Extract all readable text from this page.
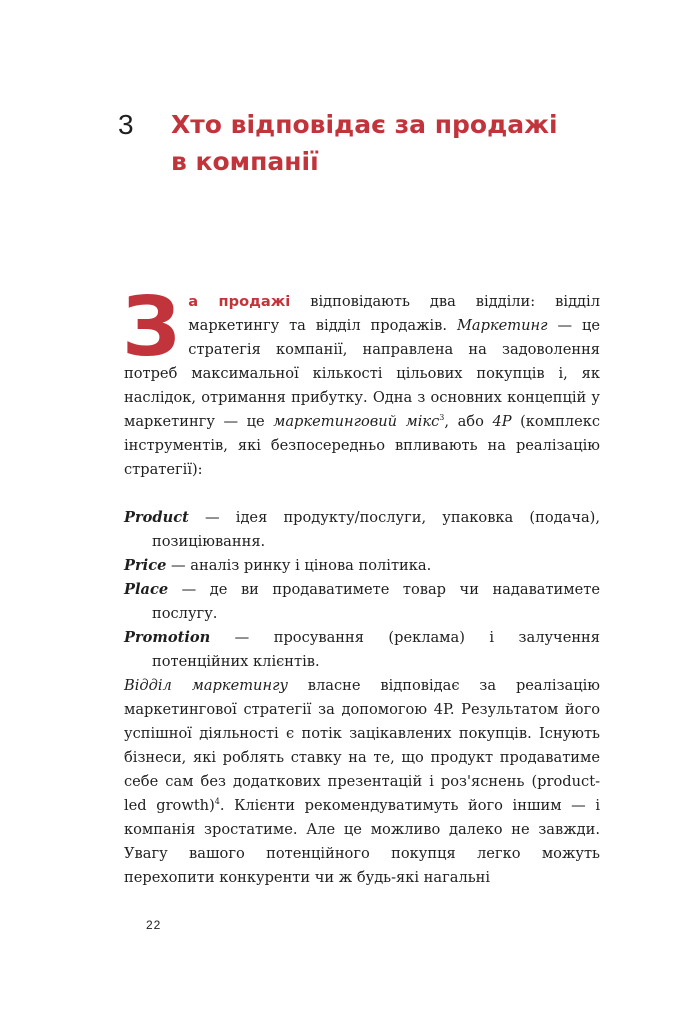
3 Хто відповідає за продажі
в компанії

За продажі відповідають два відділи: відділ маркетингу та відділ продажів. Маркетинг — це стратегія компанії, направлена на задоволення потреб максимальної кількості цільових покупців і, як наслідок, отримання прибутку. Одна з основних концепцій у маркетингу — це маркетинговий мікс$^3$, або 4P (комплекс інструментів, які безпосередньо впливають на реалізацію стратегії):

Product — ідея продукту/послуги, упаковка (подача), позиціювання.

Price — аналіз ринку і цінова політика.

Place — де ви продаватимете товар чи надаватимете послугу.

Promotion — просування (реклама) і залучення потенційних клієнтів.

Відділ маркетингу власне відповідає за реалізацію маркетингової стратегії за допомогою 4P. Результатом його успішної діяльності є потік зацікавлених покупців. Існують бізнеси, які роблять ставку на те, що продукт продаватиме себе сам без додаткових презентацій і роз'яснень (product-led growth)$^4$. Клієнти рекомендуватимуть його іншим — і компанія зростатиме. Але це можливо далеко не завжди. Увагу вашого потенційного покупця легко можуть перехопити конкуренти чи ж будь-які нагальні

22
